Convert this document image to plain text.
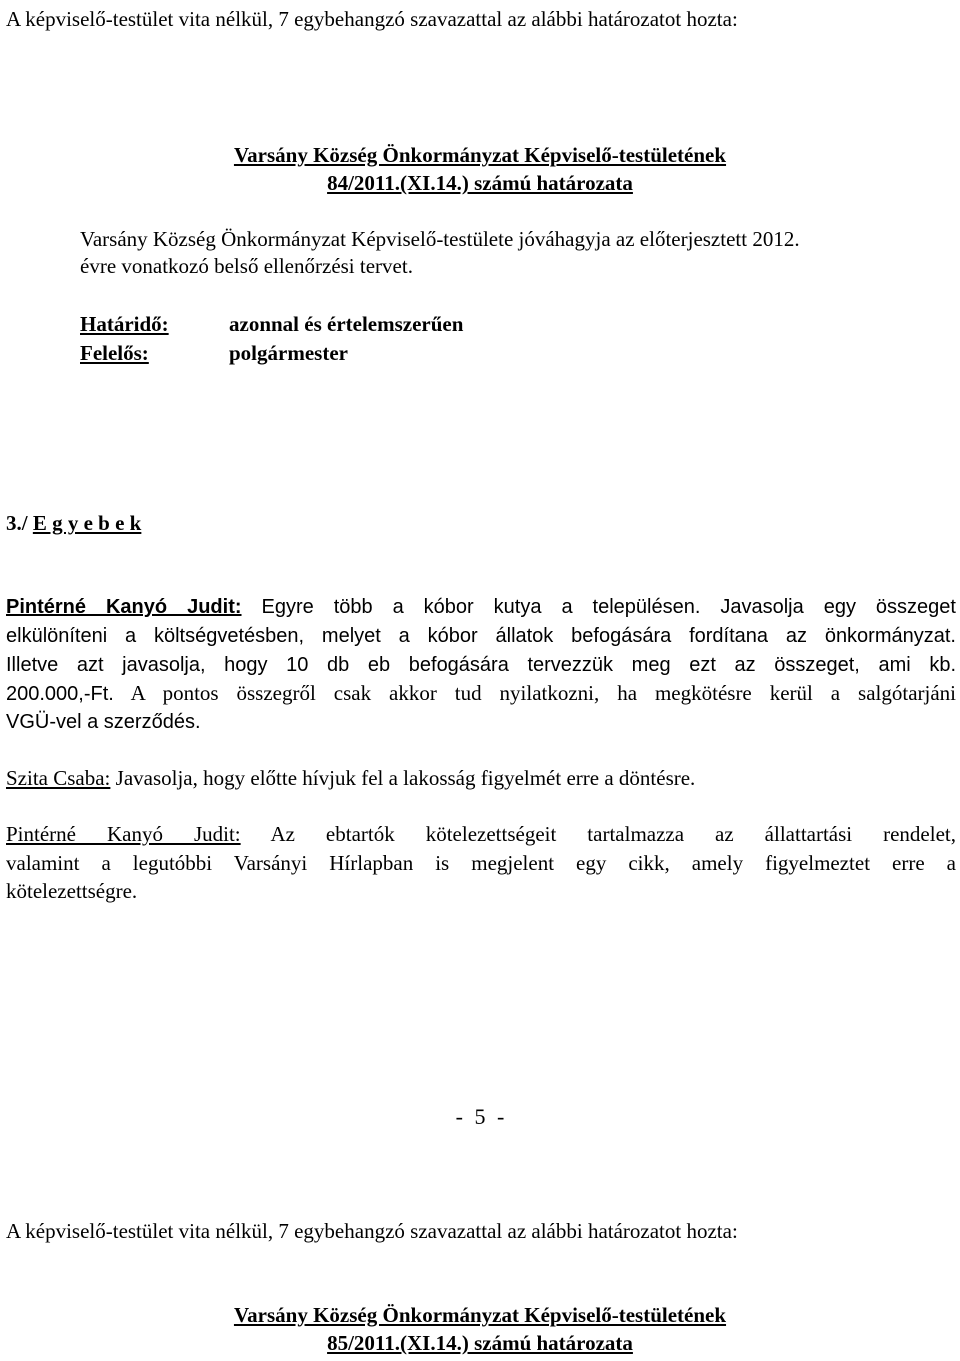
A képviselő-testület vita nélkül, 7 egybehangzó szavazattal az alábbi határozatot hozta:
Varsány Község Önkormányzat Képviselő-testületének
84/2011.(XI.14.) számú határozata
Varsány Község Önkormányzat Képviselő-testülete jóváhagyja az előterjesztett 2012.
évre vonatkozó belső ellenőrzési tervet.
Határidő:	azonnal és értelemszerűen
Felelős:	polgármester
3./ E g y e b e k
Pintérné Kanyó Judit: Egyre több a kóbor kutya a településen. Javasolja egy összeget
elkülöníteni a költségvetésben, melyet a kóbor állatok befogására fordítana az önkormányzat.
Illetve azt javasolja, hogy 10 db eb befogására tervezzük meg ezt az összeget, ami kb.
200.000,-Ft. A pontos összegről csak akkor tud nyilatkozni, ha megkötésre kerül a salgótarjáni
VGÜ-vel a szerződés.
Szita Csaba: Javasolja, hogy előtte hívjuk fel a lakosság figyelmét erre a döntésre.
Pintérné Kanyó Judit: Az ebtartók kötelezettségeit tartalmazza az állattartási rendelet,
valamint a legutóbbi Varsányi Hírlapban is megjelent egy cikk, amely figyelmeztet erre a
kötelezettségre.
- 5 -
A képviselő-testület vita nélkül, 7 egybehangzó szavazattal az alábbi határozatot hozta:
Varsány Község Önkormányzat Képviselő-testületének
85/2011.(XI.14.) számú határozata
